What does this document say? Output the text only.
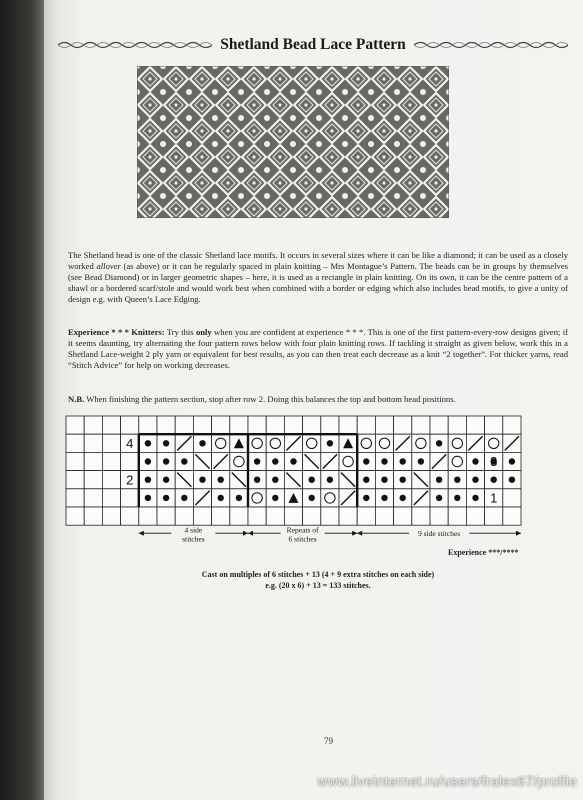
Shetland Bead Lace Pattern

The Shetland bead is one of the classic Shetland lace motifs. It occurs in several sizes where it can be like a diamond; it can be used as a closely worked allover (as above) or it can be regularly spaced in plain knitting – Mrs Montague’s Pattern. The beads can be in groups by themselves (see Bead Diamond) or in larger geometric shapes – here, it is used as a rectangle in plain knitting. On its own, it can be the centre pattern of a shawl or a bordered scarf/stole and would work best when combined with a border or edging which also includes bead motifs, to give a unity of design e.g. with Queen’s Lace Edging.

Experience * * * Knitters: Try this only when you are confident at experience * * *. This is one of the first pattern-every-row designs given; if it seems daunting, try alternating the four pattern rows below with four plain knitting rows. If tackling it straight as given below, work this in a Shetland Lace-weight 2 ply yarn or equivalent for best results, as you can then treat each decrease as a knit “2 together”. For thicker yarns, read “Stitch Advice” for help on working decreases.

N.B. When finishing the pattern section, stop after row 2. Doing this balances the top and bottom bead positions.

4
2
3
1
4 side stitches
Repeats of 6 stitches
9 side stitches
Experience ***/****
Cast on multiples of 6 stitches + 13 (4 + 9 extra stitches on each side)
e.g. (20 x 6) + 13 = 133 stitches.
79
www.liveinternet.ru/users/fralex67/profile
